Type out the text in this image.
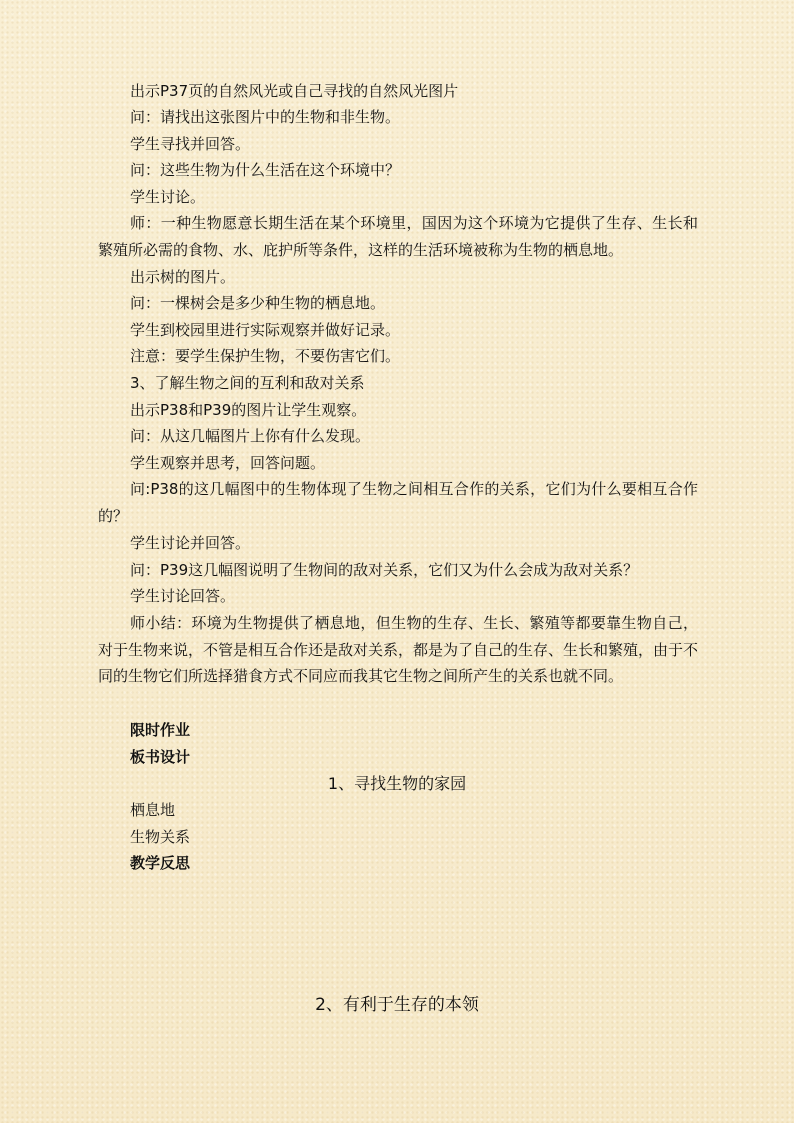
出示P37页的自然风光或自己寻找的自然风光图片
问：请找出这张图片中的生物和非生物。
学生寻找并回答。
问：这些生物为什么生活在这个环境中？
学生讨论。
师：一种生物愿意长期生活在某个环境里，国因为这个环境为它提供了生存、生长和繁殖所必需的食物、水、庇护所等条件，这样的生活环境被称为生物的栖息地。
出示树的图片。
问：一棵树会是多少种生物的栖息地。
学生到校园里进行实际观察并做好记录。
注意：要学生保护生物，不要伤害它们。
3、了解生物之间的互利和敌对关系
出示P38和P39的图片让学生观察。
问：从这几幅图片上你有什么发现。
学生观察并思考，回答问题。
问:P38的这几幅图中的生物体现了生物之间相互合作的关系，它们为什么要相互合作的？
学生讨论并回答。
问：P39这几幅图说明了生物间的敌对关系，它们又为什么会成为敌对关系？
学生讨论回答。
师小结：环境为生物提供了栖息地，但生物的生存、生长、繁殖等都要靠生物自己，对于生物来说，不管是相互合作还是敌对关系，都是为了自己的生存、生长和繁殖，由于不同的生物它们所选择猎食方式不同应而我其它生物之间所产生的关系也就不同。
限时作业
板书设计
1、寻找生物的家园
栖息地
生物关系
教学反思
2、有利于生存的本领
